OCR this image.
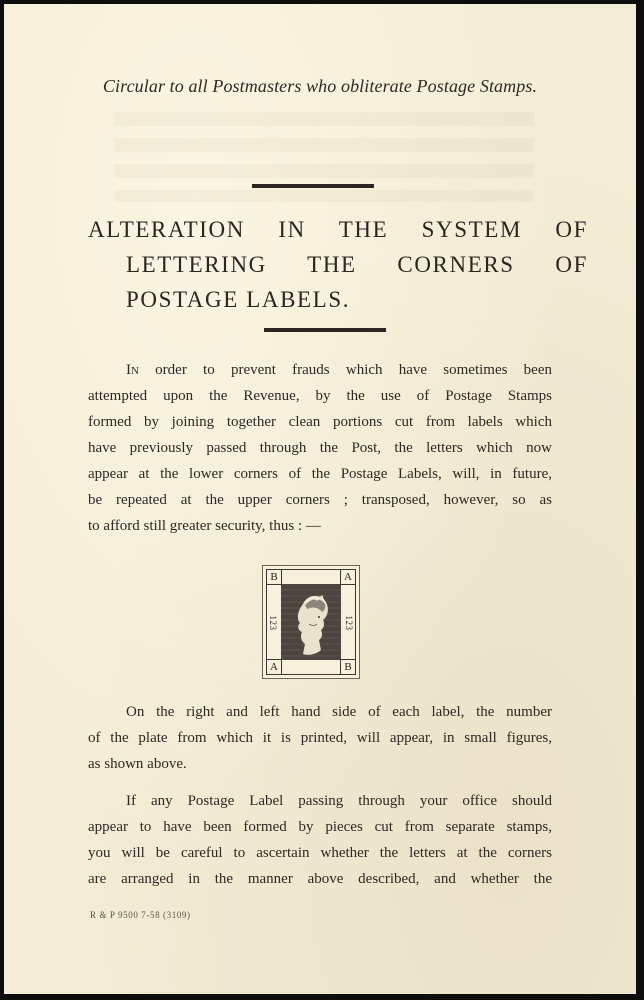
Circular to all Postmasters who obliterate Postage Stamps.
ALTERATION IN THE SYSTEM OF
LETTERING THE CORNERS OF
POSTAGE LABELS.
In order to prevent frauds which have sometimes been
attempted upon the Revenue, by the use of Postage Stamps
formed by joining together clean portions cut from labels which
have previously passed through the Post, the letters which now
appear at the lower corners of the Postage Labels, will, in future,
be repeated at the upper corners ; transposed, however, so as
to afford still greater security, thus : —
B	A
A	B
123	123
On the right and left hand side of each label, the number
of the plate from which it is printed, will appear, in small figures,
as shown above.
If any Postage Label passing through your office should
appear to have been formed by pieces cut from separate stamps,
you will be careful to ascertain whether the letters at the corners
are arranged in the manner above described, and whether the
R & P 9500 7-58 (3109)
